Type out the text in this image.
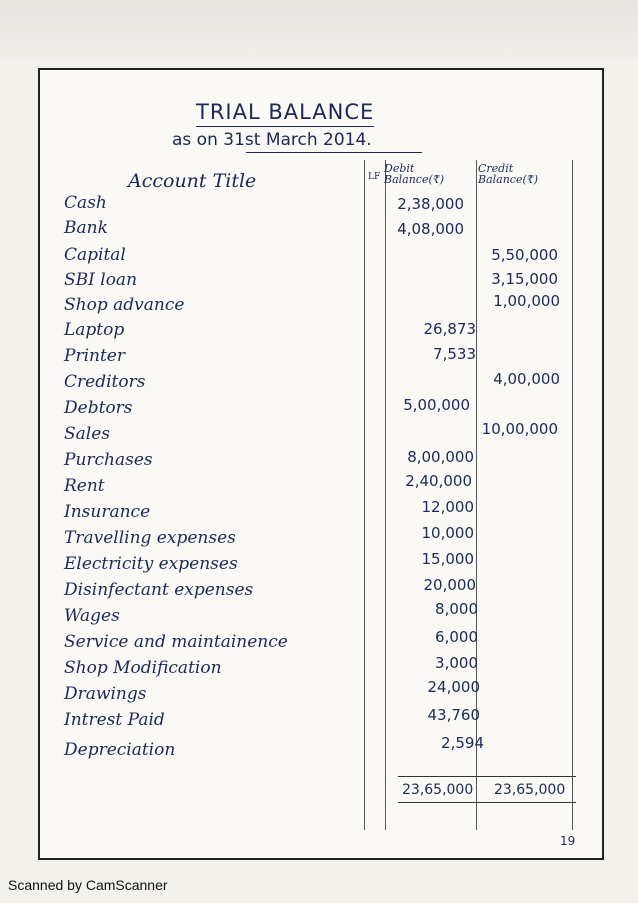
TRIAL BALANCE
as on 31st March 2014.
Account Title	LF
Debit Balance(₹)
Credit Balance(₹)
Cash
Bank
Capital
SBI loan
Shop advance
Laptop
Printer
Creditors
Debtors
Sales
Purchases
Rent
Insurance
Travelling expenses
Electricity expenses
Disinfectant expenses
Wages
Service and maintainence
Shop Modification
Drawings
Intrest Paid
Depreciation
2,38,000
4,08,000
26,873
7,533
5,00,000
8,00,000
2,40,000
12,000
10,000
15,000
20,000
8,000
6,000
3,000
24,000
43,760
2,594
5,50,000
3,15,000
1,00,000
4,00,000
10,00,000
23,65,000 23,65,000
19
Scanned by CamScanner
